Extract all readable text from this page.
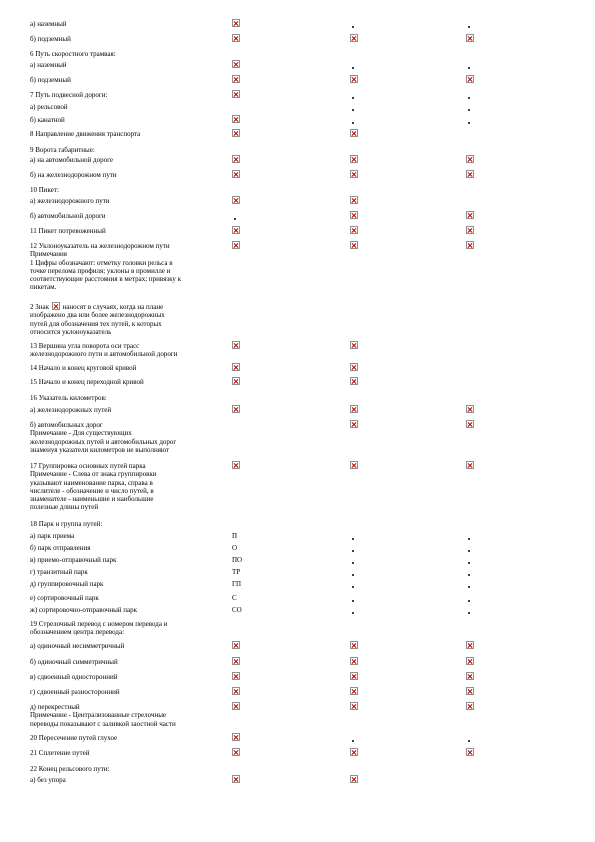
а) наземный
б) подземный
6 Путь скоростного трамвая:
а) наземный
б) подземный
7 Путь подвесной дороги:
а) рельсовой
б) канатной
8 Направление движения транспорта
9 Ворота габаритные:
а) на автомобильной дороге
б) на железнодорожном пути
10 Пикет:
а) железнодорожного пути
б) автомобильной дороги
11 Пикет потревоженный
12 Уклоноуказатель на железнодорожном пути
Примечания
1 Цифры обозначают: отметку головки рельса в
точке перелома профиля; уклоны в промилле и
соответствующие расстояния в метрах; привязку к
пикетам.
2 Знак  наносят в случаях, когда на плане
изображено два или более железнодорожных
путей для обозначения тех путей, к которых
относится уклоноуказатель
13 Вершина угла поворота оси трасс
железнодорожного пути и автомобильной дороги
14 Начало и конец круговой кривой
15 Начало и конец переходной кривой
16 Указатель километров:
а) железнодорожных путей
б) автомобильных дорог
Примечание - Для существующих
железнодорожных путей и автомобильных дорог
знаменуя указатели километров не выполняют
17 Группировка основных путей парка
Примечание - Слева от знака группировки
указывают наименование парка, справа в
числителе - обозначение и число путей, в
знаменателе - наименьшие и наибольшие
полезные длины путей
18 Парк и группа путей:
а) парк приема	П
б) парк отправления	О
в) приемо-отправочный парк	ПО
г) транзитный парк	ТР
д) группировочный парк	ГП
е) сортировочный парк	С
ж) сортировочно-отправочный парк	СО
19 Стрелочный перевод с номером перевода и
обозначением центра перевода:
а) одиночный несимметричный
б) одиночный симметричный
в) сдвоенный односторонний
г) сдвоенный разносторонний
д) перекрестный
Примечание - Централизованные стрелочные
переводы показывают с заливкой заостной части
20 Пересечение путей глухое
21 Сплетение путей
22 Конец рельсового пути:
а) без упора
